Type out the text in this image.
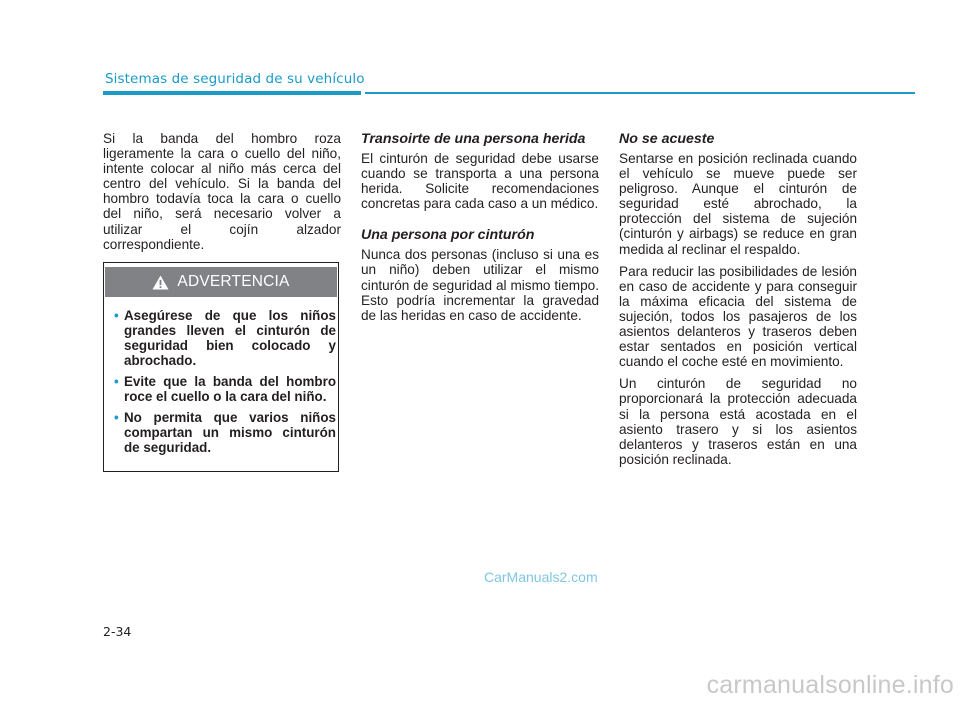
Sistemas de seguridad de su vehículo

Si la banda del hombro roza ligeramente la cara o cuello del niño, intente colocar al niño más cerca del centro del vehículo. Si la banda del hombro todavía toca la cara o cuello del niño, será necesario volver a utilizar el cojín alzador correspondiente.

ADVERTENCIA
• Asegúrese de que los niños grandes lleven el cinturón de seguridad bien colocado y abrochado.
• Evite que la banda del hombro roce el cuello o la cara del niño.
• No permita que varios niños compartan un mismo cinturón de seguridad.
Transoirte de una persona herida

El cinturón de seguridad debe usarse cuando se transporta a una persona herida. Solicite recomendaciones concretas para cada caso a un médico.

Una persona por cinturón

Nunca dos personas (incluso si una es un niño) deben utilizar el mismo cinturón de seguridad al mismo tiempo. Esto podría incrementar la gravedad de las heridas en caso de accidente.

No se acueste

Sentarse en posición reclinada cuando el vehículo se mueve puede ser peligroso. Aunque el cinturón de seguridad esté abrochado, la protección del sistema de sujeción (cinturón y airbags) se reduce en gran medida al reclinar el respaldo.

Para reducir las posibilidades de lesión en caso de accidente y para conseguir la máxima eficacia del sistema de sujeción, todos los pasajeros de los asientos delanteros y traseros deben estar sentados en posición vertical cuando el coche esté en movimiento.

Un cinturón de seguridad no proporcionará la protección adecuada si la persona está acostada en el asiento trasero y si los asientos delanteros y traseros están en una posición reclinada.

2-34
CarManuals2.com
carmanualsonline.info
